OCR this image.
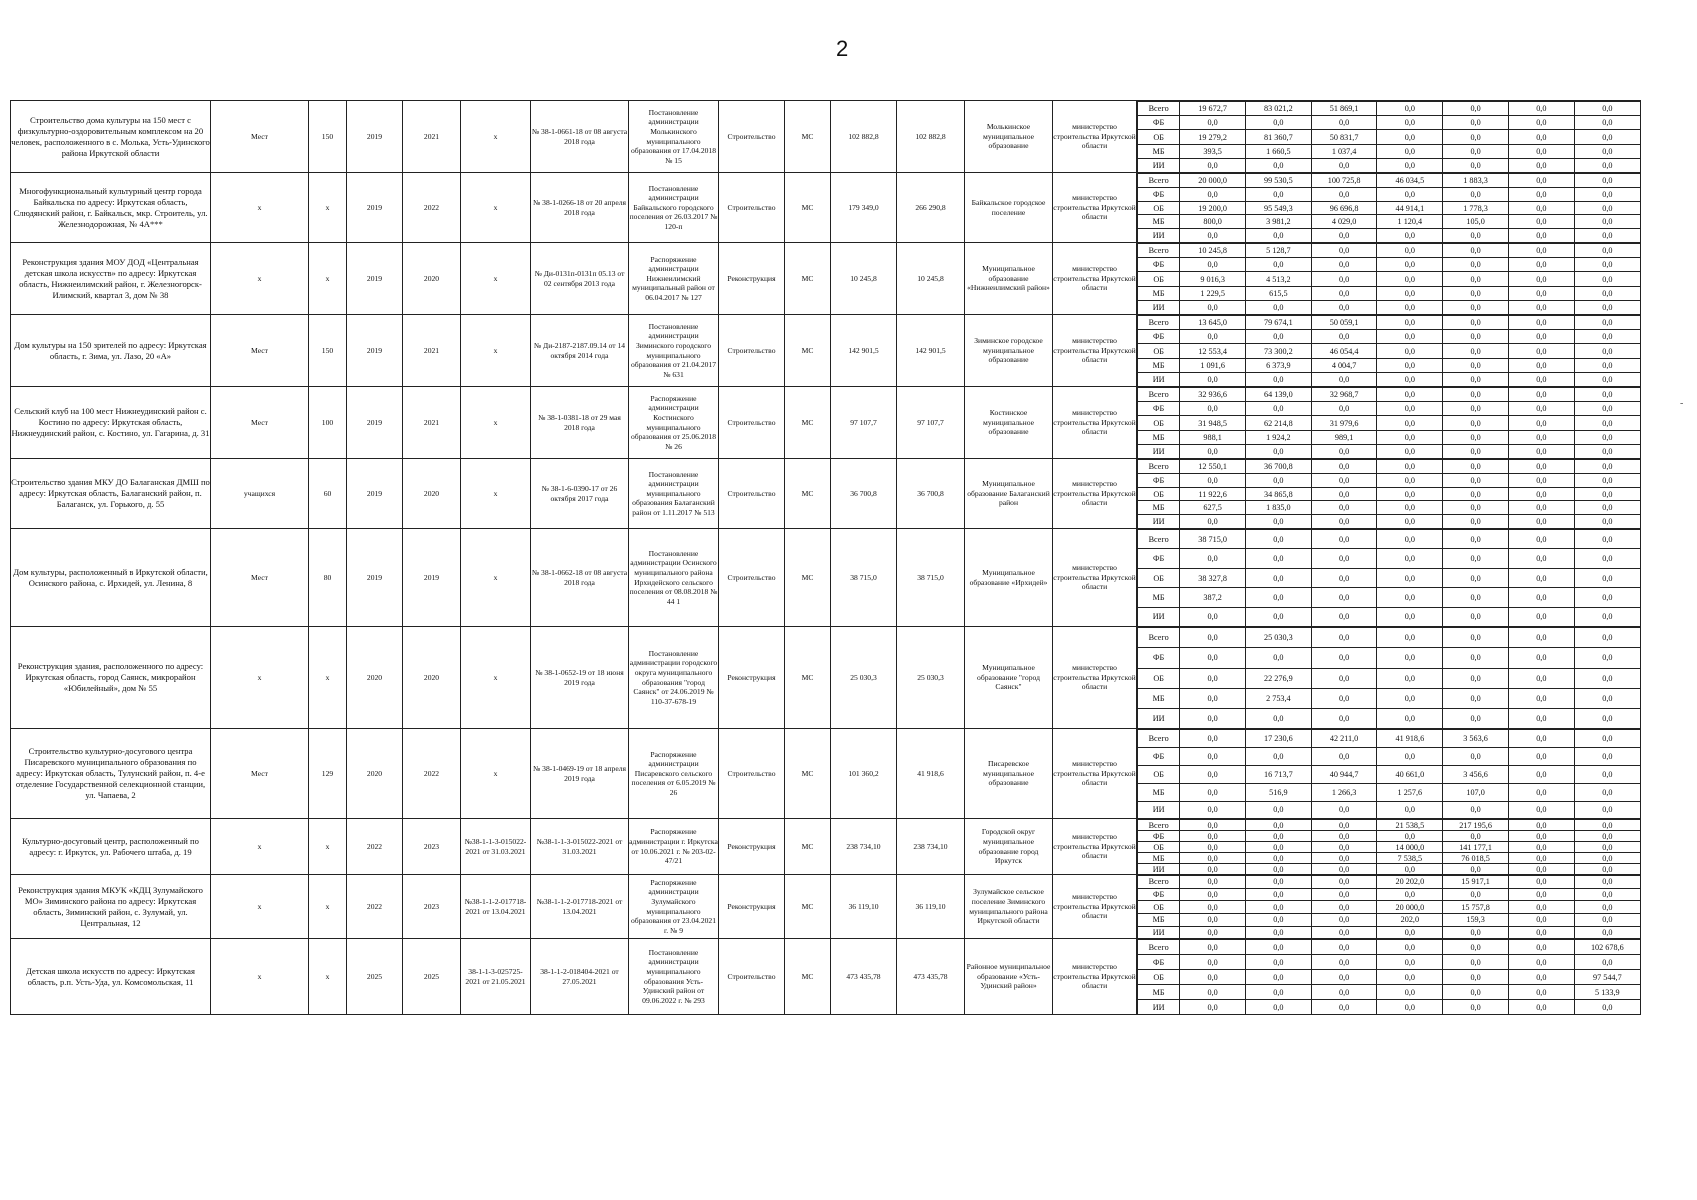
2
Строительство дома культуры на 150 мест с физкультурно-оздоровительным комплексом на 20 человек, расположенного в с. Молька, Усть-Удинского района Иркутской области	Мест	150	2019	2021	х	№ 38-1-0661-18 от 08 августа 2018 года	Постановление администрации Молькинского муниципального образования от 17.04.2018 № 15	Строительство	МС	102 882,8	102 882,8	Молькинское муниципальное образование	министерство строительства Иркутской области	
Всего	19 672,7	83 021,2	51 869,1	0,0	0,0	0,0	0,0
ФБ	0,0	0,0	0,0	0,0	0,0	0,0	0,0
ОБ	19 279,2	81 360,7	50 831,7	0,0	0,0	0,0	0,0
МБ	393,5	1 660,5	1 037,4	0,0	0,0	0,0	0,0
ИИ	0,0	0,0	0,0	0,0	0,0	0,0	0,0

Многофункциональный культурный центр города Байкальска по адресу: Иркутская область, Слюдянский район, г. Байкальск, мкр. Строитель, ул. Железнодорожная, № 4А***	х	х	2019	2022	х	№ 38-1-0266-18 от 20 апреля 2018 года	Постановление администрации Байкальского городского поселения от 26.03.2017 № 120-п	Строительство	МС	179 349,0	266 290,8	Байкальское городское поселение	министерство строительства Иркутской области	
Всего	20 000,0	99 530,5	100 725,8	46 034,5	1 883,3	0,0	0,0
ФБ	0,0	0,0	0,0	0,0	0,0	0,0	0,0
ОБ	19 200,0	95 549,3	96 696,8	44 914,1	1 778,3	0,0	0,0
МБ	800,0	3 981,2	4 029,0	1 120,4	105,0	0,0	0,0
ИИ	0,0	0,0	0,0	0,0	0,0	0,0	0,0

Реконструкция здания МОУ ДОД «Центральная детская школа искусств» по адресу: Иркутская область, Нижнеилимский район, г. Железногорск-Илимский, квартал 3, дом № 38	х	х	2019	2020	х	№ Ди-0131п-0131п 05.13 от 02 сентября 2013 года	Распоряжение администрации Нижнеилимский муниципальный район от 06.04.2017 № 127	Реконструкция	МС	10 245,8	10 245,8	Муниципальное образование «Нижнеилимский район»	министерство строительства Иркутской области	
Всего	10 245,8	5 128,7	0,0	0,0	0,0	0,0	0,0
ФБ	0,0	0,0	0,0	0,0	0,0	0,0	0,0
ОБ	9 016,3	4 513,2	0,0	0,0	0,0	0,0	0,0
МБ	1 229,5	615,5	0,0	0,0	0,0	0,0	0,0
ИИ	0,0	0,0	0,0	0,0	0,0	0,0	0,0

Дом культуры на 150 зрителей по адресу: Иркутская область, г. Зима, ул. Лазо, 20 «А»	Мест	150	2019	2021	х	№ Ди-2187-2187.09.14 от 14 октября 2014 года	Постановление администрации Зиминского городского муниципального образования от 21.04.2017 № 631	Строительство	МС	142 901,5	142 901,5	Зиминское городское муниципальное образование	министерство строительства Иркутской области	
Всего	13 645,0	79 674,1	50 059,1	0,0	0,0	0,0	0,0
ФБ	0,0	0,0	0,0	0,0	0,0	0,0	0,0
ОБ	12 553,4	73 300,2	46 054,4	0,0	0,0	0,0	0,0
МБ	1 091,6	6 373,9	4 004,7	0,0	0,0	0,0	0,0
ИИ	0,0	0,0	0,0	0,0	0,0	0,0	0,0

Сельский клуб на 100 мест Нижнеудинский район с. Костино по адресу: Иркутская область, Нижнеудинский район, с. Костино, ул. Гагарина, д. 31	Мест	100	2019	2021	х	№ 38-1-0381-18 от 29 мая 2018 года	Распоряжение администрации Костинского муниципального образования от 25.06.2018 № 26	Строительство	МС	97 107,7	97 107,7	Костинское муниципальное образование	министерство строительства Иркутской области	
Всего	32 936,6	64 139,0	32 968,7	0,0	0,0	0,0	0,0
ФБ	0,0	0,0	0,0	0,0	0,0	0,0	0,0
ОБ	31 948,5	62 214,8	31 979,6	0,0	0,0	0,0	0,0
МБ	988,1	1 924,2	989,1	0,0	0,0	0,0	0,0
ИИ	0,0	0,0	0,0	0,0	0,0	0,0	0,0

Строительство здания МКУ ДО Балаганская ДМШ по адресу: Иркутская область, Балаганский район, п. Балаганск, ул. Горького, д. 55	учащихся	60	2019	2020	х	№ 38-1-6-0390-17 от 26 октября 2017 года	Постановление администрации муниципального образования Балаганский район от 1.11.2017 № 513	Строительство	МС	36 700,8	36 700,8	Муниципальное образование Балаганский район	министерство строительства Иркутской области	
Всего	12 550,1	36 700,8	0,0	0,0	0,0	0,0	0,0
ФБ	0,0	0,0	0,0	0,0	0,0	0,0	0,0
ОБ	11 922,6	34 865,8	0,0	0,0	0,0	0,0	0,0
МБ	627,5	1 835,0	0,0	0,0	0,0	0,0	0,0
ИИ	0,0	0,0	0,0	0,0	0,0	0,0	0,0

Дом культуры, расположенный в Иркутской области, Осинского района, с. Ирхидей, ул. Ленина, 8	Мест	80	2019	2019	х	№ 38-1-0662-18 от 08 августа 2018 года	Постановление администрации Осинского муниципального района Ирхидейского сельского поселения от 08.08.2018 № 44 1	Строительство	МС	38 715,0	38 715,0	Муниципальное образование «Ирхидей»	министерство строительства Иркутской области	
Всего	38 715,0	0,0	0,0	0,0	0,0	0,0	0,0
ФБ	0,0	0,0	0,0	0,0	0,0	0,0	0,0
ОБ	38 327,8	0,0	0,0	0,0	0,0	0,0	0,0
МБ	387,2	0,0	0,0	0,0	0,0	0,0	0,0
ИИ	0,0	0,0	0,0	0,0	0,0	0,0	0,0

Реконструкция здания, расположенного по адресу: Иркутская область, город Саянск, микрорайон «Юбилейный», дом № 55	х	х	2020	2020	х	№ 38-1-0652-19 от 18 июня 2019 года	Постановление администрации городского округа муниципального образования "город Саянск" от 24.06.2019 № 110-37-678-19	Реконструкция	МС	25 030,3	25 030,3	Муниципальное образование "город Саянск"	министерство строительства Иркутской области	
Всего	0,0	25 030,3	0,0	0,0	0,0	0,0	0,0
ФБ	0,0	0,0	0,0	0,0	0,0	0,0	0,0
ОБ	0,0	22 276,9	0,0	0,0	0,0	0,0	0,0
МБ	0,0	2 753,4	0,0	0,0	0,0	0,0	0,0
ИИ	0,0	0,0	0,0	0,0	0,0	0,0	0,0

Строительство культурно-досугового центра Писаревского муниципального образования по адресу: Иркутская область, Тулунский район, п. 4-е отделение Государственной селекционной станции, ул. Чапаева, 2	Мест	129	2020	2022	х	№ 38-1-0469-19 от 18 апреля 2019 года	Распоряжение администрации Писаревского сельского поселения от 6.05.2019 № 26	Строительство	МС	101 360,2	41 918,6	Писаревское муниципальное образование	министерство строительства Иркутской области	
Всего	0,0	17 230,6	42 211,0	41 918,6	3 563,6	0,0	0,0
ФБ	0,0	0,0	0,0	0,0	0,0	0,0	0,0
ОБ	0,0	16 713,7	40 944,7	40 661,0	3 456,6	0,0	0,0
МБ	0,0	516,9	1 266,3	1 257,6	107,0	0,0	0,0
ИИ	0,0	0,0	0,0	0,0	0,0	0,0	0,0

Культурно-досуговый центр, расположенный по адресу: г. Иркутск, ул. Рабочего штаба, д. 19	х	х	2022	2023	№38-1-1-3-015022-2021 от 31.03.2021	№38-1-1-3-015022-2021 от 31.03.2021	Распоряжение администрации г. Иркутска от 10.06.2021 г. № 203-02-47/21	Реконструкция	МС	238 734,10	238 734,10	Городской округ муниципальное образование город Иркутск	министерство строительства Иркутской области	
Всего	0,0	0,0	0,0	21 538,5	217 195,6	0,0	0,0
ФБ	0,0	0,0	0,0	0,0	0,0	0,0	0,0
ОБ	0,0	0,0	0,0	14 000,0	141 177,1	0,0	0,0
МБ	0,0	0,0	0,0	7 538,5	76 018,5	0,0	0,0
ИИ	0,0	0,0	0,0	0,0	0,0	0,0	0,0

Реконструкция здания МКУК «КДЦ Зулумайского МО» Зиминского района по адресу: Иркутская область, Зиминский район, с. Зулумай, ул. Центральная, 12	х	х	2022	2023	№38-1-1-2-017718-2021 от 13.04.2021	№38-1-1-2-017718-2021 от 13.04.2021	Распоряжение администрации Зулумайского муниципального образования от 23.04.2021 г. № 9	Реконструкция	МС	36 119,10	36 119,10	Зулумайское сельское поселение Зиминского муниципального района Иркутской области	министерство строительства Иркутской области	
Всего	0,0	0,0	0,0	20 202,0	15 917,1	0,0	0,0
ФБ	0,0	0,0	0,0	0,0	0,0	0,0	0,0
ОБ	0,0	0,0	0,0	20 000,0	15 757,8	0,0	0,0
МБ	0,0	0,0	0,0	202,0	159,3	0,0	0,0
ИИ	0,0	0,0	0,0	0,0	0,0	0,0	0,0

Детская школа искусств по адресу: Иркутская область, р.п. Усть-Уда, ул. Комсомольская, 11	х	х	2025	2025	38-1-1-3-025725-2021 от 21.05.2021	38-1-1-2-018404-2021 от 27.05.2021	Постановление администрации муниципального образования Усть-Удинский район от 09.06.2022 г. № 293	Строительство	МС	473 435,78	473 435,78	Районное муниципальное образование «Усть-Удинский район»	министерство строительства Иркутской области	
Всего	0,0	0,0	0,0	0,0	0,0	0,0	102 678,6
ФБ	0,0	0,0	0,0	0,0	0,0	0,0	0,0
ОБ	0,0	0,0	0,0	0,0	0,0	0,0	97 544,7
МБ	0,0	0,0	0,0	0,0	0,0	0,0	5 133,9
ИИ	0,0	0,0	0,0	0,0	0,0	0,0	0,0
-
